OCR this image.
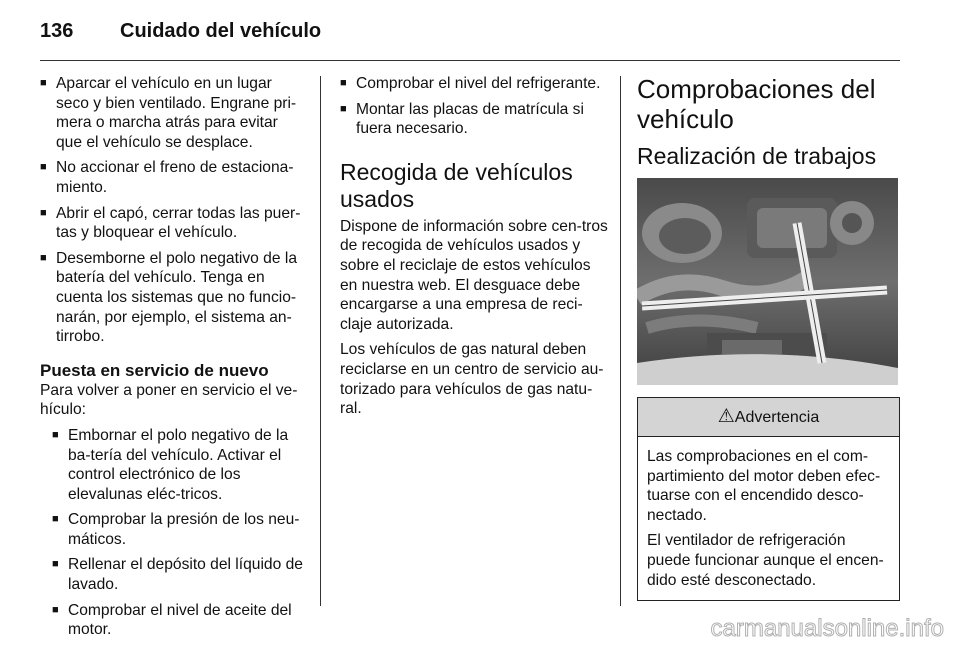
136 Cuidado del vehículo
■ Aparcar el vehículo en un lugar seco y bien ventilado. Engrane pri-mera o marcha atrás para evitar que el vehículo se desplace.
■ No accionar el freno de estaciona-miento.
■ Abrir el capó, cerrar todas las puer-tas y bloquear el vehículo.
■ Desemborne el polo negativo de la batería del vehículo. Tenga en cuenta los sistemas que no funcio-narán, por ejemplo, el sistema an-tirrobo.
Puesta en servicio de nuevo

Para volver a poner en servicio el ve-hículo:

■ Embornar el polo negativo de la ba-tería del vehículo. Activar el control electrónico de los elevalunas eléc-tricos.
■ Comprobar la presión de los neu-máticos.
■ Rellenar el depósito del líquido de lavado.
■ Comprobar el nivel de aceite del motor.
■ Comprobar el nivel del refrigerante.
■ Montar las placas de matrícula si fuera necesario.
Recogida de vehículos usados

Dispone de información sobre cen-tros de recogida de vehículos usados y sobre el reciclaje de estos vehículos en nuestra web. El desguace debe encargarse a una empresa de reci-claje autorizada.

Los vehículos de gas natural deben reciclarse en un centro de servicio au-torizado para vehículos de gas natu-ral.

Comprobaciones del vehículo
Realización de trabajos
⚠Advertencia

Las comprobaciones en el com-partimiento del motor deben efec-tuarse con el encendido desco-nectado.

El ventilador de refrigeración puede funcionar aunque el encen-dido esté desconectado.

carmanualsonline.info
